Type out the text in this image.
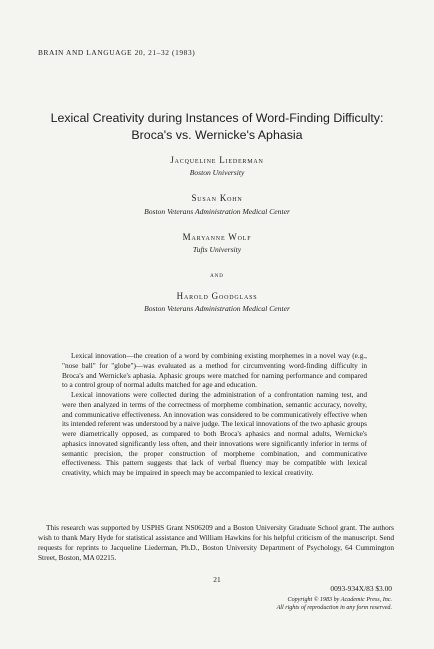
BRAIN AND LANGUAGE 20, 21–32 (1983)
Lexical Creativity during Instances of Word-Finding Difficulty:
Broca's vs. Wernicke's Aphasia
Jacqueline Liederman
Boston University
Susan Kohn
Boston Veterans Administration Medical Center
Maryanne Wolf
Tufts University
and
Harold Goodglass
Boston Veterans Administration Medical Center

Lexical innovation—the creation of a word by combining existing morphemes in a novel way (e.g., "nose ball" for "globe")—was evaluated as a method for circumventing word-finding difficulty in Broca's and Wernicke's aphasia. Aphasic groups were matched for naming performance and compared to a control group of normal adults matched for age and education.

Lexical innovations were collected during the administration of a confrontation naming test, and were then analyzed in terms of the correctness of morpheme combination, semantic accuracy, novelty, and communicative effectiveness. An innovation was considered to be communicatively effective when its intended referent was understood by a naive judge. The lexical innovations of the two aphasic groups were diametrically opposed, as compared to both Broca's aphasics and normal adults, Wernicke's aphasics innovated significantly less often, and their innovations were significantly inferior in terms of semantic precision, the proper construction of morpheme combination, and communicative effectiveness. This pattern suggests that lack of verbal fluency may be compatible with lexical creativity, which may be impaired in speech may be accompanied to lexical creativity.

This research was supported by USPHS Grant NS06209 and a Boston University Graduate School grant. The authors wish to thank Mary Hyde for statistical assistance and William Hawkins for his helpful criticism of the manuscript. Send requests for reprints to Jacqueline Liederman, Ph.D., Boston University Department of Psychology, 64 Cummington Street, Boston, MA 02215.

21
0093-934X/83 $3.00
Copyright © 1983 by Academic Press, Inc.
All rights of reproduction in any form reserved.
